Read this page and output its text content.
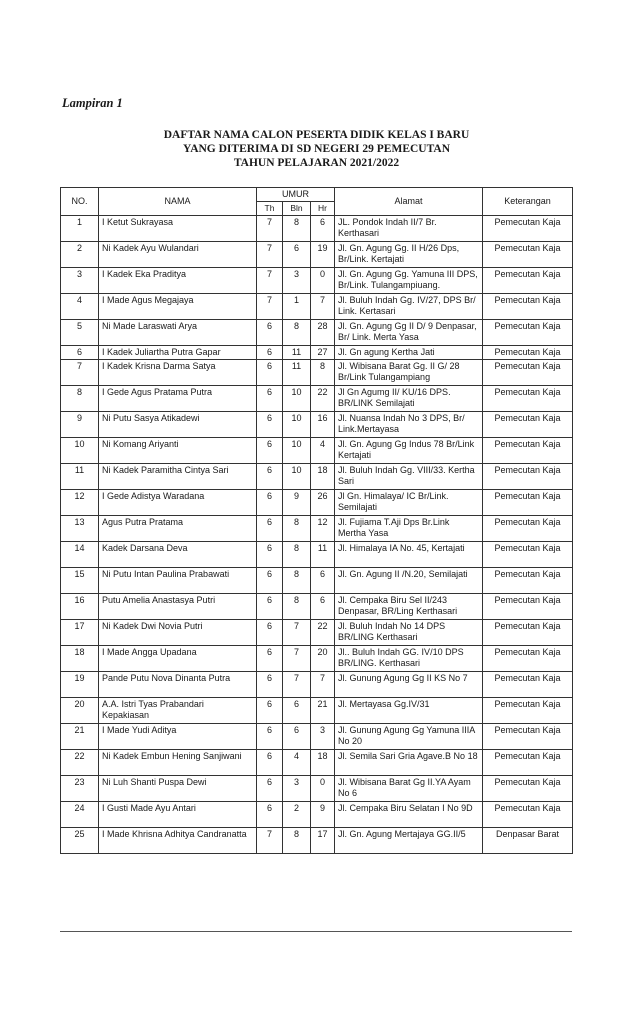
Lampiran 1
DAFTAR NAMA CALON PESERTA DIDIK KELAS I BARU
YANG DITERIMA DI SD NEGERI 29 PEMECUTAN
TAHUN PELAJARAN 2021/2022
NO.	NAMA	UMUR			Alamat	Keterangan
		Th	Bln	Hr		
1	I Ketut Sukrayasa	7	8	6	JL. Pondok Indah II/7 Br. Kerthasari	Pemecutan Kaja
2	Ni Kadek Ayu Wulandari	7	6	19	Jl. Gn. Agung Gg. II H/26 Dps, Br/Link. Kertajati	Pemecutan Kaja
3	I Kadek Eka Praditya	7	3	0	Jl. Gn. Agung Gg. Yamuna III DPS, Br/Link. Tulangampiuang.	Pemecutan Kaja
4	I Made Agus Megajaya	7	1	7	Jl. Buluh Indah Gg. IV/27, DPS Br/ Link. Kertasari	Pemecutan Kaja
5	Ni Made Laraswati Arya	6	8	28	Jl. Gn. Agung Gg II D/ 9 Denpasar, Br/ Link. Merta Yasa	Pemecutan Kaja
6	I Kadek Juliartha Putra Gapar	6	11	27	Jl. Gn agung Kertha Jati	Pemecutan Kaja
7	I Kadek Krisna Darma Satya	6	11	8	Jl. Wibisana Barat Gg. II G/ 28 Br/Link Tulangampiang	Pemecutan Kaja
8	I Gede Agus Pratama Putra	6	10	22	Jl Gn Agumg II/ KU/16 DPS. BR/LINK Semilajati	Pemecutan Kaja
9	Ni Putu Sasya Atikadewi	6	10	16	Jl. Nuansa Indah No 3 DPS, Br/ Link.Mertayasa	Pemecutan Kaja
10	Ni Komang Ariyanti	6	10	4	Jl. Gn. Agung Gg Indus 78 Br/Link Kertajati	Pemecutan Kaja
11	Ni Kadek Paramitha Cintya Sari	6	10	18	Jl. Buluh Indah Gg. VIII/33. Kertha Sari	Pemecutan Kaja
12	I Gede Adistya Waradana	6	9	26	Jl Gn. Himalaya/ IC Br/Link. Semilajati	Pemecutan Kaja
13	Agus Putra Pratama	6	8	12	Jl. Fujiama T.Aji Dps Br.Link Mertha Yasa	Pemecutan Kaja
14	Kadek Darsana Deva	6	8	11	Jl. Himalaya IA No. 45, Kertajati	Pemecutan Kaja
15	Ni Putu Intan Paulina Prabawati	6	8	6	Jl. Gn. Agung II /N.20, Semilajati	Pemecutan Kaja
16	Putu Amelia Anastasya Putri	6	8	6	Jl. Cempaka Biru Sel II/243 Denpasar, BR/Ling Kerthasari	Pemecutan Kaja
17	Ni Kadek Dwi Novia Putri	6	7	22	Jl. Buluh Indah No 14 DPS BR/LING Kerthasari	Pemecutan Kaja
18	I Made Angga Upadana	6	7	20	Jl.. Buluh Indah GG. IV/10 DPS BR/LING. Kerthasari	Pemecutan Kaja
19	Pande Putu Nova Dinanta Putra	6	7	7	Jl. Gunung Agung Gg II KS No 7	Pemecutan Kaja
20	A.A. Istri Tyas Prabandari Kepakiasan	6	6	21	Jl. Mertayasa Gg.IV/31	Pemecutan Kaja
21	I Made Yudi Aditya	6	6	3	Jl. Gunung Agung Gg Yamuna IIIA No 20	Pemecutan Kaja
22	Ni Kadek Embun Hening Sanjiwani	6	4	18	Jl. Semila Sari Gria Agave.B No 18	Pemecutan Kaja
23	Ni Luh Shanti Puspa Dewi	6	3	0	Jl. Wibisana Barat Gg II.YA Ayam No 6	Pemecutan Kaja
24	I Gusti Made Ayu Antari	6	2	9	Jl. Cempaka Biru Selatan I No 9D	Pemecutan Kaja
25	I Made Khrisna Adhitya Candranatta	7	8	17	Jl. Gn. Agung Mertajaya GG.II/5	Denpasar Barat
